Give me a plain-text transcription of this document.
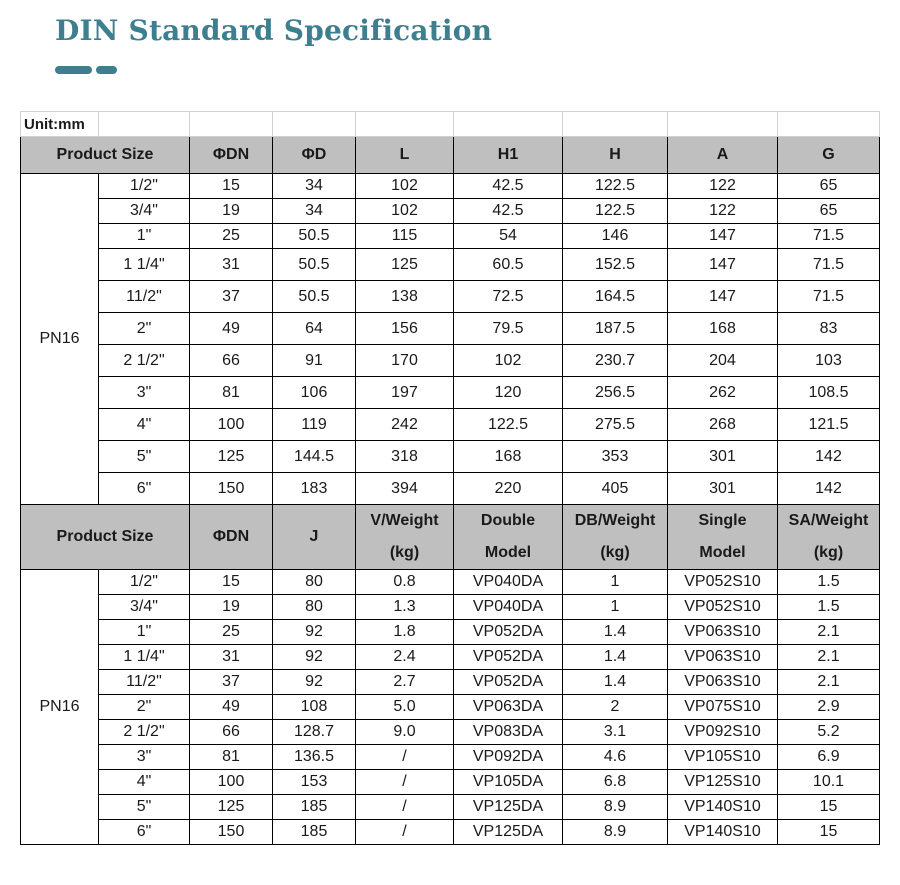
DIN Standard Specification
Unit:mm								
Product Size		ΦDN	ΦD	L	H1	H	A	G
PN16	1/2"	15	34	102	42.5	122.5	122	65
	3/4"	19	34	102	42.5	122.5	122	65
	1"	25	50.5	115	54	146	147	71.5
	1 1/4"	31	50.5	125	60.5	152.5	147	71.5
	11/2"	37	50.5	138	72.5	164.5	147	71.5
	2"	49	64	156	79.5	187.5	168	83
	2 1/2"	66	91	170	102	230.7	204	103
	3"	81	106	197	120	256.5	262	108.5
	4"	100	119	242	122.5	275.5	268	121.5
	5"	125	144.5	318	168	353	301	142
	6"	150	183	394	220	405	301	142
Product Size		ΦDN	J	V/Weight	Double	DB/Weight	Single	SA/Weight
				(kg)	Model	(kg)	Model	(kg)
PN16	1/2"	15	80	0.8	VP040DA	1	VP052S10	1.5
	3/4"	19	80	1.3	VP040DA	1	VP052S10	1.5
	1"	25	92	1.8	VP052DA	1.4	VP063S10	2.1
	1 1/4"	31	92	2.4	VP052DA	1.4	VP063S10	2.1
	11/2"	37	92	2.7	VP052DA	1.4	VP063S10	2.1
	2"	49	108	5.0	VP063DA	2	VP075S10	2.9
	2 1/2"	66	128.7	9.0	VP083DA	3.1	VP092S10	5.2
	3"	81	136.5	/	VP092DA	4.6	VP105S10	6.9
	4"	100	153	/	VP105DA	6.8	VP125S10	10.1
	5"	125	185	/	VP125DA	8.9	VP140S10	15
	6"	150	185	/	VP125DA	8.9	VP140S10	15
